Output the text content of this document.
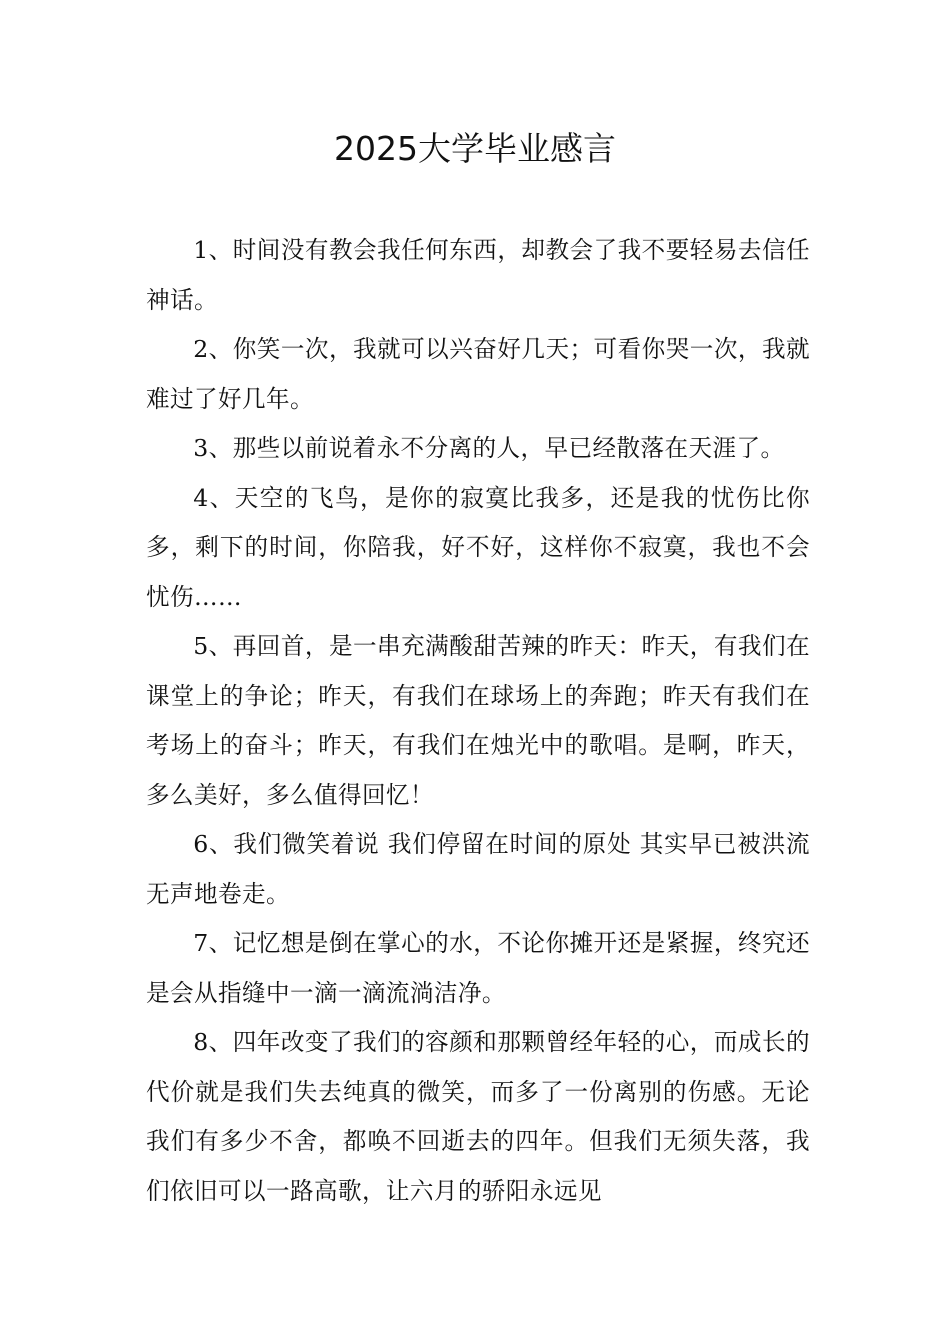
2025大学毕业感言

1、时间没有教会我任何东西，却教会了我不要轻易去信任神话。

2、你笑一次，我就可以兴奋好几天；可看你哭一次，我就难过了好几年。

3、那些以前说着永不分离的人，早已经散落在天涯了。

4、天空的飞鸟，是你的寂寞比我多，还是我的忧伤比你多，剩下的时间，你陪我，好不好，这样你不寂寞，我也不会忧伤……

5、再回首，是一串充满酸甜苦辣的昨天：昨天，有我们在课堂上的争论；昨天，有我们在球场上的奔跑；昨天有我们在考场上的奋斗；昨天，有我们在烛光中的歌唱。是啊，昨天，多么美好，多么值得回忆！

6、我们微笑着说 我们停留在时间的原处 其实早已被洪流无声地卷走。

7、记忆想是倒在掌心的水，不论你摊开还是紧握，终究还是会从指缝中一滴一滴流淌洁净。

8、四年改变了我们的容颜和那颗曾经年轻的心，而成长的代价就是我们失去纯真的微笑，而多了一份离别的伤感。无论我们有多少不舍，都唤不回逝去的四年。但我们无须失落，我们依旧可以一路高歌，让六月的骄阳永远见
